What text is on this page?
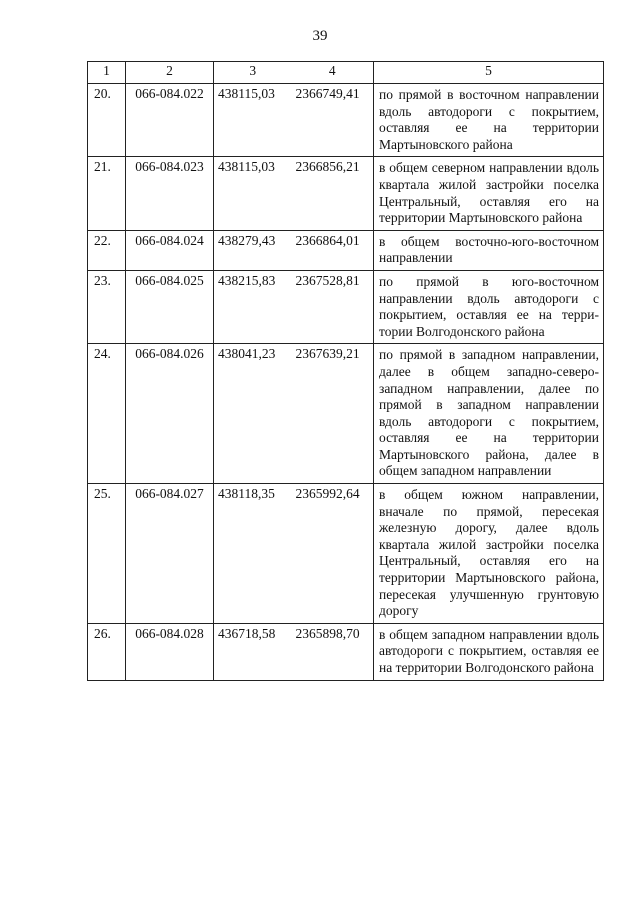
39
1	2	3	4	5
20.	066-084.022	438115,03	2366749,41	по прямой в восточном направлении вдоль автодороги с покрытием, оставляя ее на территории Мартыновского района
21.	066-084.023	438115,03	2366856,21	в общем северном направлении вдоль квартала жилой застройки поселка Центральный, оставляя его на территории Мартыновского района
22.	066-084.024	438279,43	2366864,01	в общем восточно-юго-восточном направлении
23.	066-084.025	438215,83	2367528,81	по прямой в юго-восточном направлении вдоль автодороги с покрытием, оставляя ее на территории Волгодонского района
24.	066-084.026	438041,23	2367639,21	по прямой в западном направлении, далее в общем западно-северо-западном направлении, далее по прямой в западном направлении вдоль автодороги с покрытием, оставляя ее на территории Мартыновского района, далее в общем западном направлении
25.	066-084.027	438118,35	2365992,64	в общем южном направлении, вначале по прямой, пересекая железную дорогу, далее вдоль квартала жилой застройки поселка Центральный, оставляя его на территории Мартыновского района, пересекая улучшенную грунтовую дорогу
26.	066-084.028	436718,58	2365898,70	в общем западном направлении вдоль автодороги с покрытием, оставляя ее на территории Волгодонского района
